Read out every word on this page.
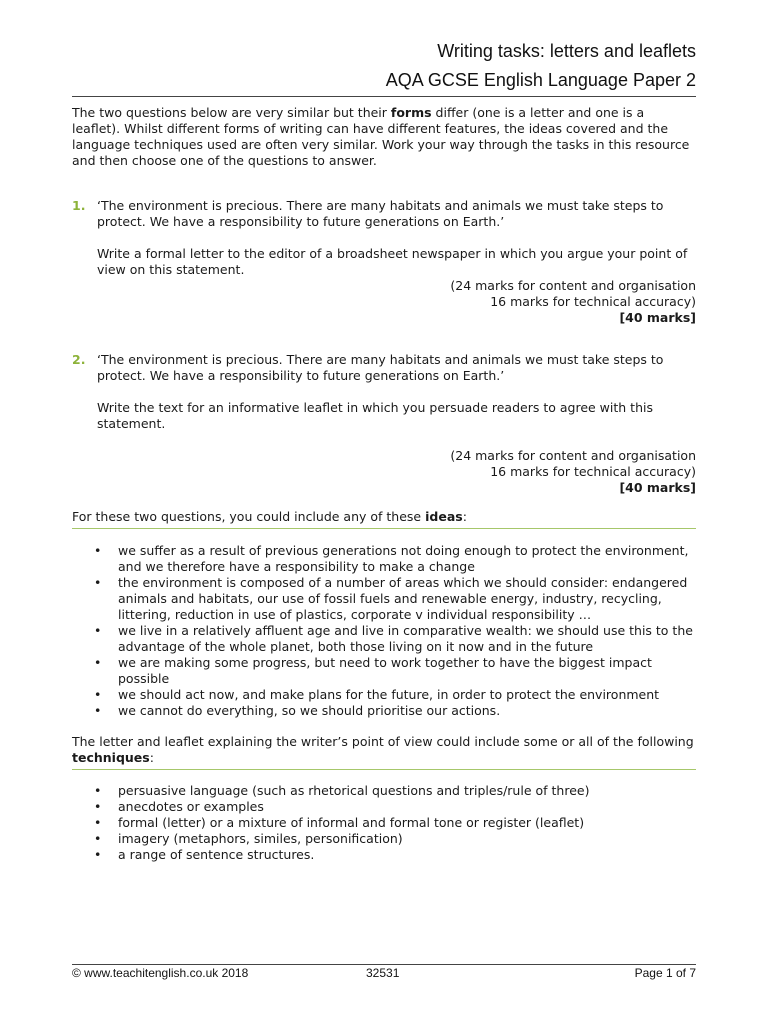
Writing tasks: letters and leaflets
AQA GCSE English Language Paper 2
The two questions below are very similar but their forms differ (one is a letter and one is a leaflet). Whilst different forms of writing can have different features, the ideas covered and the language techniques used are often very similar. Work your way through the tasks in this resource and then choose one of the questions to answer.
1. ‘The environment is precious. There are many habitats and animals we must take steps to protect. We have a responsibility to future generations on Earth.’

Write a formal letter to the editor of a broadsheet newspaper in which you argue your point of view on this statement.

(24 marks for content and organisation
16 marks for technical accuracy)
[40 marks]
2. ‘The environment is precious. There are many habitats and animals we must take steps to protect. We have a responsibility to future generations on Earth.’

Write the text for an informative leaflet in which you persuade readers to agree with this statement.

(24 marks for content and organisation
16 marks for technical accuracy)
[40 marks]
For these two questions, you could include any of these ideas:
• we suffer as a result of previous generations not doing enough to protect the environment, and we therefore have a responsibility to make a change
• the environment is composed of a number of areas which we should consider: endangered animals and habitats, our use of fossil fuels and renewable energy, industry, recycling, littering, reduction in use of plastics, corporate v individual responsibility …
• we live in a relatively affluent age and live in comparative wealth: we should use this to the advantage of the whole planet, both those living on it now and in the future
• we are making some progress, but need to work together to have the biggest impact possible
• we should act now, and make plans for the future, in order to protect the environment
• we cannot do everything, so we should prioritise our actions.
The letter and leaflet explaining the writer’s point of view could include some or all of the following techniques:
• persuasive language (such as rhetorical questions and triples/rule of three)
• anecdotes or examples
• formal (letter) or a mixture of informal and formal tone or register (leaflet)
• imagery (metaphors, similes, personification)
• a range of sentence structures.
© www.teachitenglish.co.uk 2018	32531	Page 1 of 7
